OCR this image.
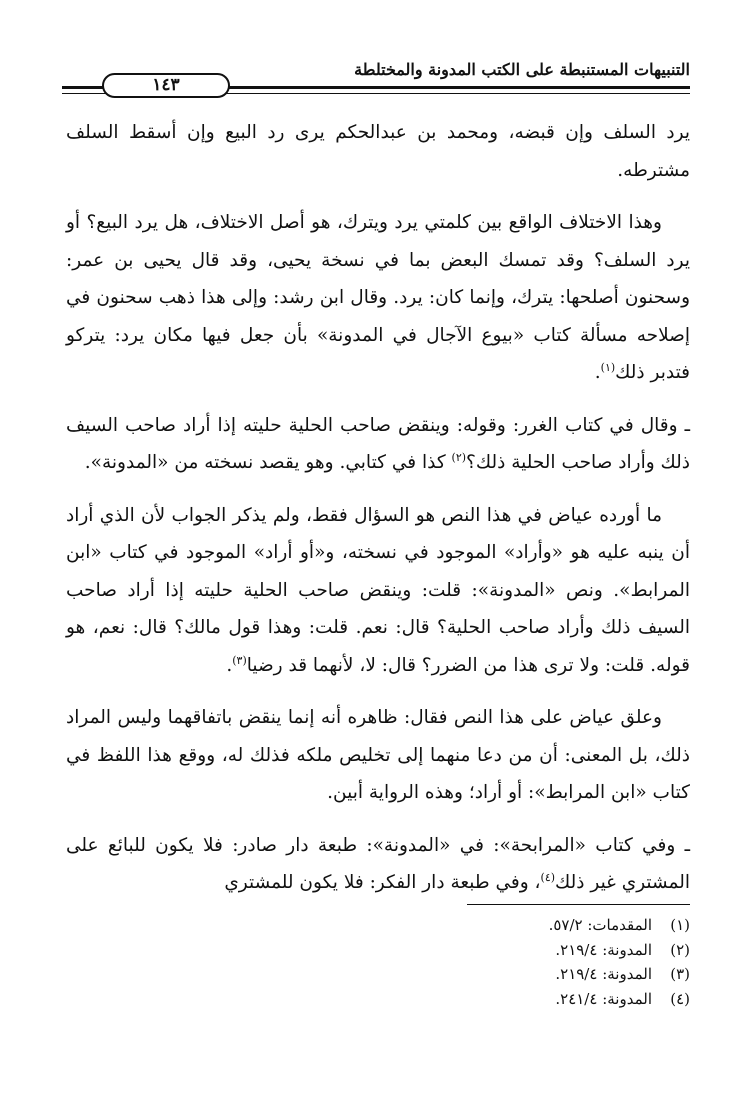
التنبيهات المستنبطة على الكتب المدونة والمختلطة
١٤٣

يرد السلف وإن قبضه، ومحمد بن عبدالحكم يرى رد البيع وإن أسقط السلف مشترطه.

وهذا الاختلاف الواقع بين كلمتي يرد ويترك، هو أصل الاختلاف، هل يرد البيع؟ أو يرد السلف؟ وقد تمسك البعض بما في نسخة يحيى، وقد قال يحيى بن عمر: وسحنون أصلحها: يترك، وإنما كان: يرد. وقال ابن رشد: وإلى هذا ذهب سحنون في إصلاحه مسألة كتاب «بيوع الآجال في المدونة» بأن جعل فيها مكان يرد: يتركو فتدبر ذلك$^{(١)}$.

ـ وقال في كتاب الغرر: وقوله: وينقض صاحب الحلية حليته إذا أراد صاحب السيف ذلك وأراد صاحب الحلية ذلك؟$^{(٢)}$ كذا في كتابي. وهو يقصد نسخته من «المدونة».

ما أورده عياض في هذا النص هو السؤال فقط، ولم يذكر الجواب لأن الذي أراد أن ينبه عليه هو «وأراد» الموجود في نسخته، و«أو أراد» الموجود في كتاب «ابن المرابط». ونص «المدونة»: قلت: وينقض صاحب الحلية حليته إذا أراد صاحب السيف ذلك وأراد صاحب الحلية؟ قال: نعم. قلت: وهذا قول مالك؟ قال: نعم، هو قوله. قلت: ولا ترى هذا من الضرر؟ قال: لا، لأنهما قد رضيا$^{(٣)}$.

وعلق عياض على هذا النص فقال: ظاهره أنه إنما ينقض باتفاقهما وليس المراد ذلك، بل المعنى: أن من دعا منهما إلى تخليص ملكه فذلك له، ووقع هذا اللفظ في كتاب «ابن المرابط»: أو أراد؛ وهذه الرواية أبين.

ـ وفي كتاب «المرابحة»: في «المدونة»: طبعة دار صادر: فلا يكون للبائع على المشتري غير ذلك$^{(٤)}$، وفي طبعة دار الفكر: فلا يكون للمشتري

(١)
المقدمات: ٥٧/٢.
(٢)
المدونة: ٢١٩/٤.
(٣)
المدونة: ٢١٩/٤.
(٤)
المدونة: ٢٤١/٤.
